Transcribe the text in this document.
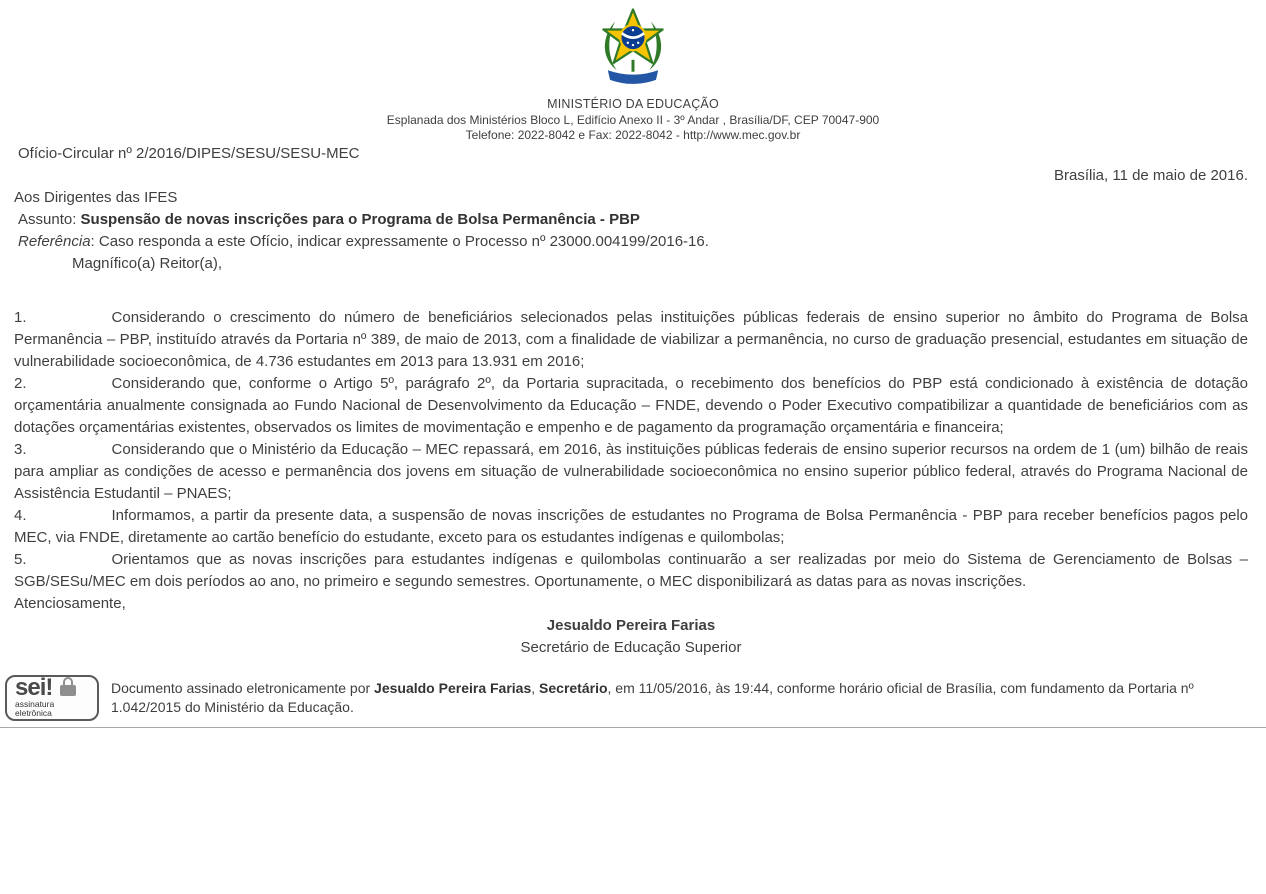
MINISTÉRIO DA EDUCAÇÃO
Esplanada dos Ministérios Bloco L, Edifício Anexo II - 3º Andar , Brasília/DF, CEP 70047-900
Telefone: 2022-8042 e Fax: 2022-8042 - http://www.mec.gov.br

Ofício-Circular nº 2/2016/DIPES/SESU/SESU-MEC

Brasília, 11 de maio de 2016.

Aos Dirigentes das IFES

Assunto: Suspensão de novas inscrições para o Programa de Bolsa Permanência - PBP

Referência: Caso responda a este Ofício, indicar expressamente o Processo nº 23000.004199/2016-16.

Magnífico(a) Reitor(a),

1.	Considerando o crescimento do número de beneficiários selecionados pelas instituições públicas federais de ensino superior no âmbito do Programa de Bolsa Permanência – PBP, instituído através da Portaria nº 389, de maio de 2013, com a finalidade de viabilizar a permanência, no curso de graduação presencial, estudantes em situação de vulnerabilidade socioeconômica, de 4.736 estudantes em 2013 para 13.931 em 2016;

2.	Considerando que, conforme o Artigo 5º, parágrafo 2º, da Portaria supracitada, o recebimento dos benefícios do PBP está condicionado à existência de dotação orçamentária anualmente consignada ao Fundo Nacional de Desenvolvimento da Educação – FNDE, devendo o Poder Executivo compatibilizar a quantidade de beneficiários com as dotações orçamentárias existentes, observados os limites de movimentação e empenho e de pagamento da programação orçamentária e financeira;

3.	Considerando que o Ministério da Educação – MEC repassará, em 2016, às instituições públicas federais de ensino superior recursos na ordem de 1 (um) bilhão de reais para ampliar as condições de acesso e permanência dos jovens em situação de vulnerabilidade socioeconômica no ensino superior público federal, através do Programa Nacional de Assistência Estudantil – PNAES;

4.	Informamos, a partir da presente data, a suspensão de novas inscrições de estudantes no Programa de Bolsa Permanência - PBP para receber benefícios pagos pelo MEC, via FNDE, diretamente ao cartão benefício do estudante, exceto para os estudantes indígenas e quilombolas;

5.	Orientamos que as novas inscrições para estudantes indígenas e quilombolas continuarão a ser realizadas por meio do Sistema de Gerenciamento de Bolsas – SGB/SESu/MEC em dois períodos ao ano, no primeiro e segundo semestres. Oportunamente, o MEC disponibilizará as datas para as novas inscrições.

Atenciosamente,

Jesualdo Pereira Farias

Secretário de Educação Superior

sei!
assinatura
eletrônica

Documento assinado eletronicamente por Jesualdo Pereira Farias, Secretário, em 11/05/2016, às 19:44, conforme horário oficial de Brasília, com fundamento da Portaria nº 1.042/2015 do Ministério da Educação.
